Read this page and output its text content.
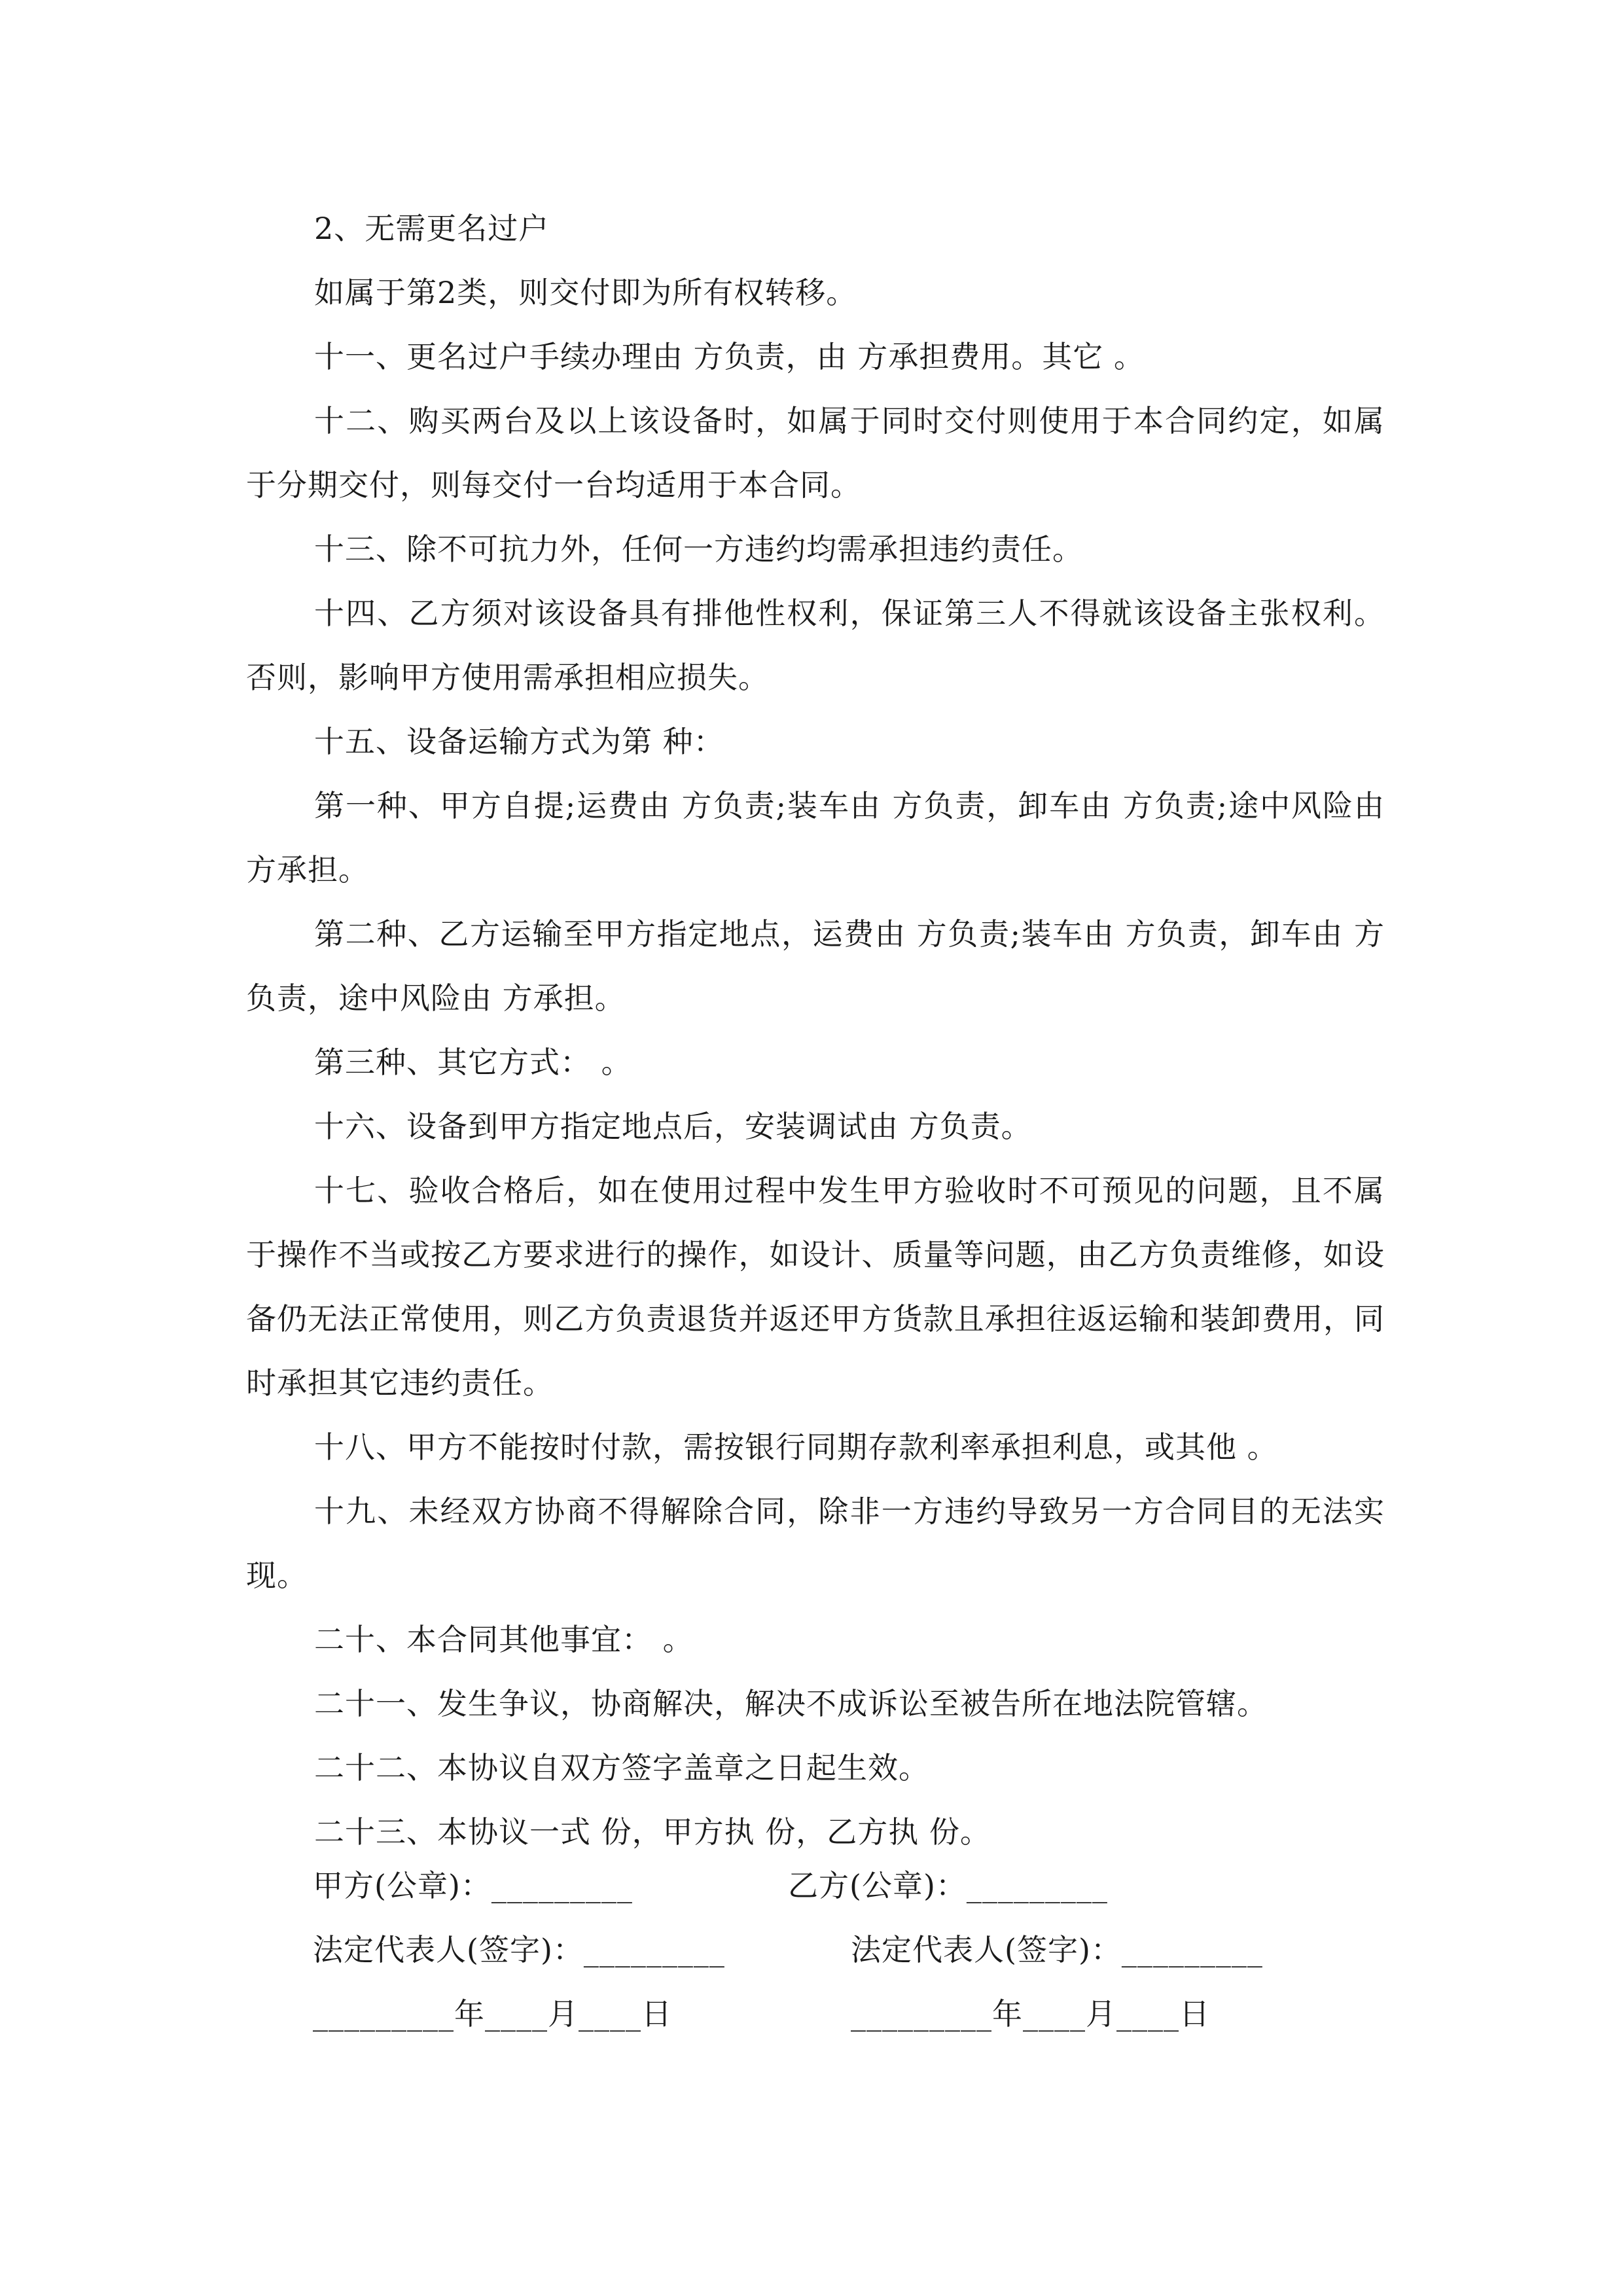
2、无需更名过户

如属于第2类，则交付即为所有权转移。

十一、更名过户手续办理由 方负责，由 方承担费用。其它 。

十二、购买两台及以上该设备时，如属于同时交付则使用于本合同约定，如属于分期交付，则每交付一台均适用于本合同。

十三、除不可抗力外，任何一方违约均需承担违约责任。

十四、乙方须对该设备具有排他性权利，保证第三人不得就该设备主张权利。否则，影响甲方使用需承担相应损失。

十五、设备运输方式为第 种：

第一种、甲方自提;运费由 方负责;装车由 方负责，卸车由 方负责;途中风险由 方承担。

第二种、乙方运输至甲方指定地点，运费由 方负责;装车由 方负责，卸车由 方负责，途中风险由 方承担。

第三种、其它方式： 。

十六、设备到甲方指定地点后，安装调试由 方负责。

十七、验收合格后，如在使用过程中发生甲方验收时不可预见的问题，且不属于操作不当或按乙方要求进行的操作，如设计、质量等问题，由乙方负责维修，如设备仍无法正常使用，则乙方负责退货并返还甲方货款且承担往返运输和装卸费用，同时承担其它违约责任。

十八、甲方不能按时付款，需按银行同期存款利率承担利息，或其他 。

十九、未经双方协商不得解除合同，除非一方违约导致另一方合同目的无法实现。

二十、本合同其他事宜： 。

二十一、发生争议，协商解决，解决不成诉讼至被告所在地法院管辖。

二十二、本协议自双方签字盖章之日起生效。

二十三、本协议一式 份，甲方执 份，乙方执 份。

甲方(公章)：_________	乙方(公章)：_________
法定代表人(签字)：_________	法定代表人(签字)：_________
_________年____月____日	_________年____月____日
